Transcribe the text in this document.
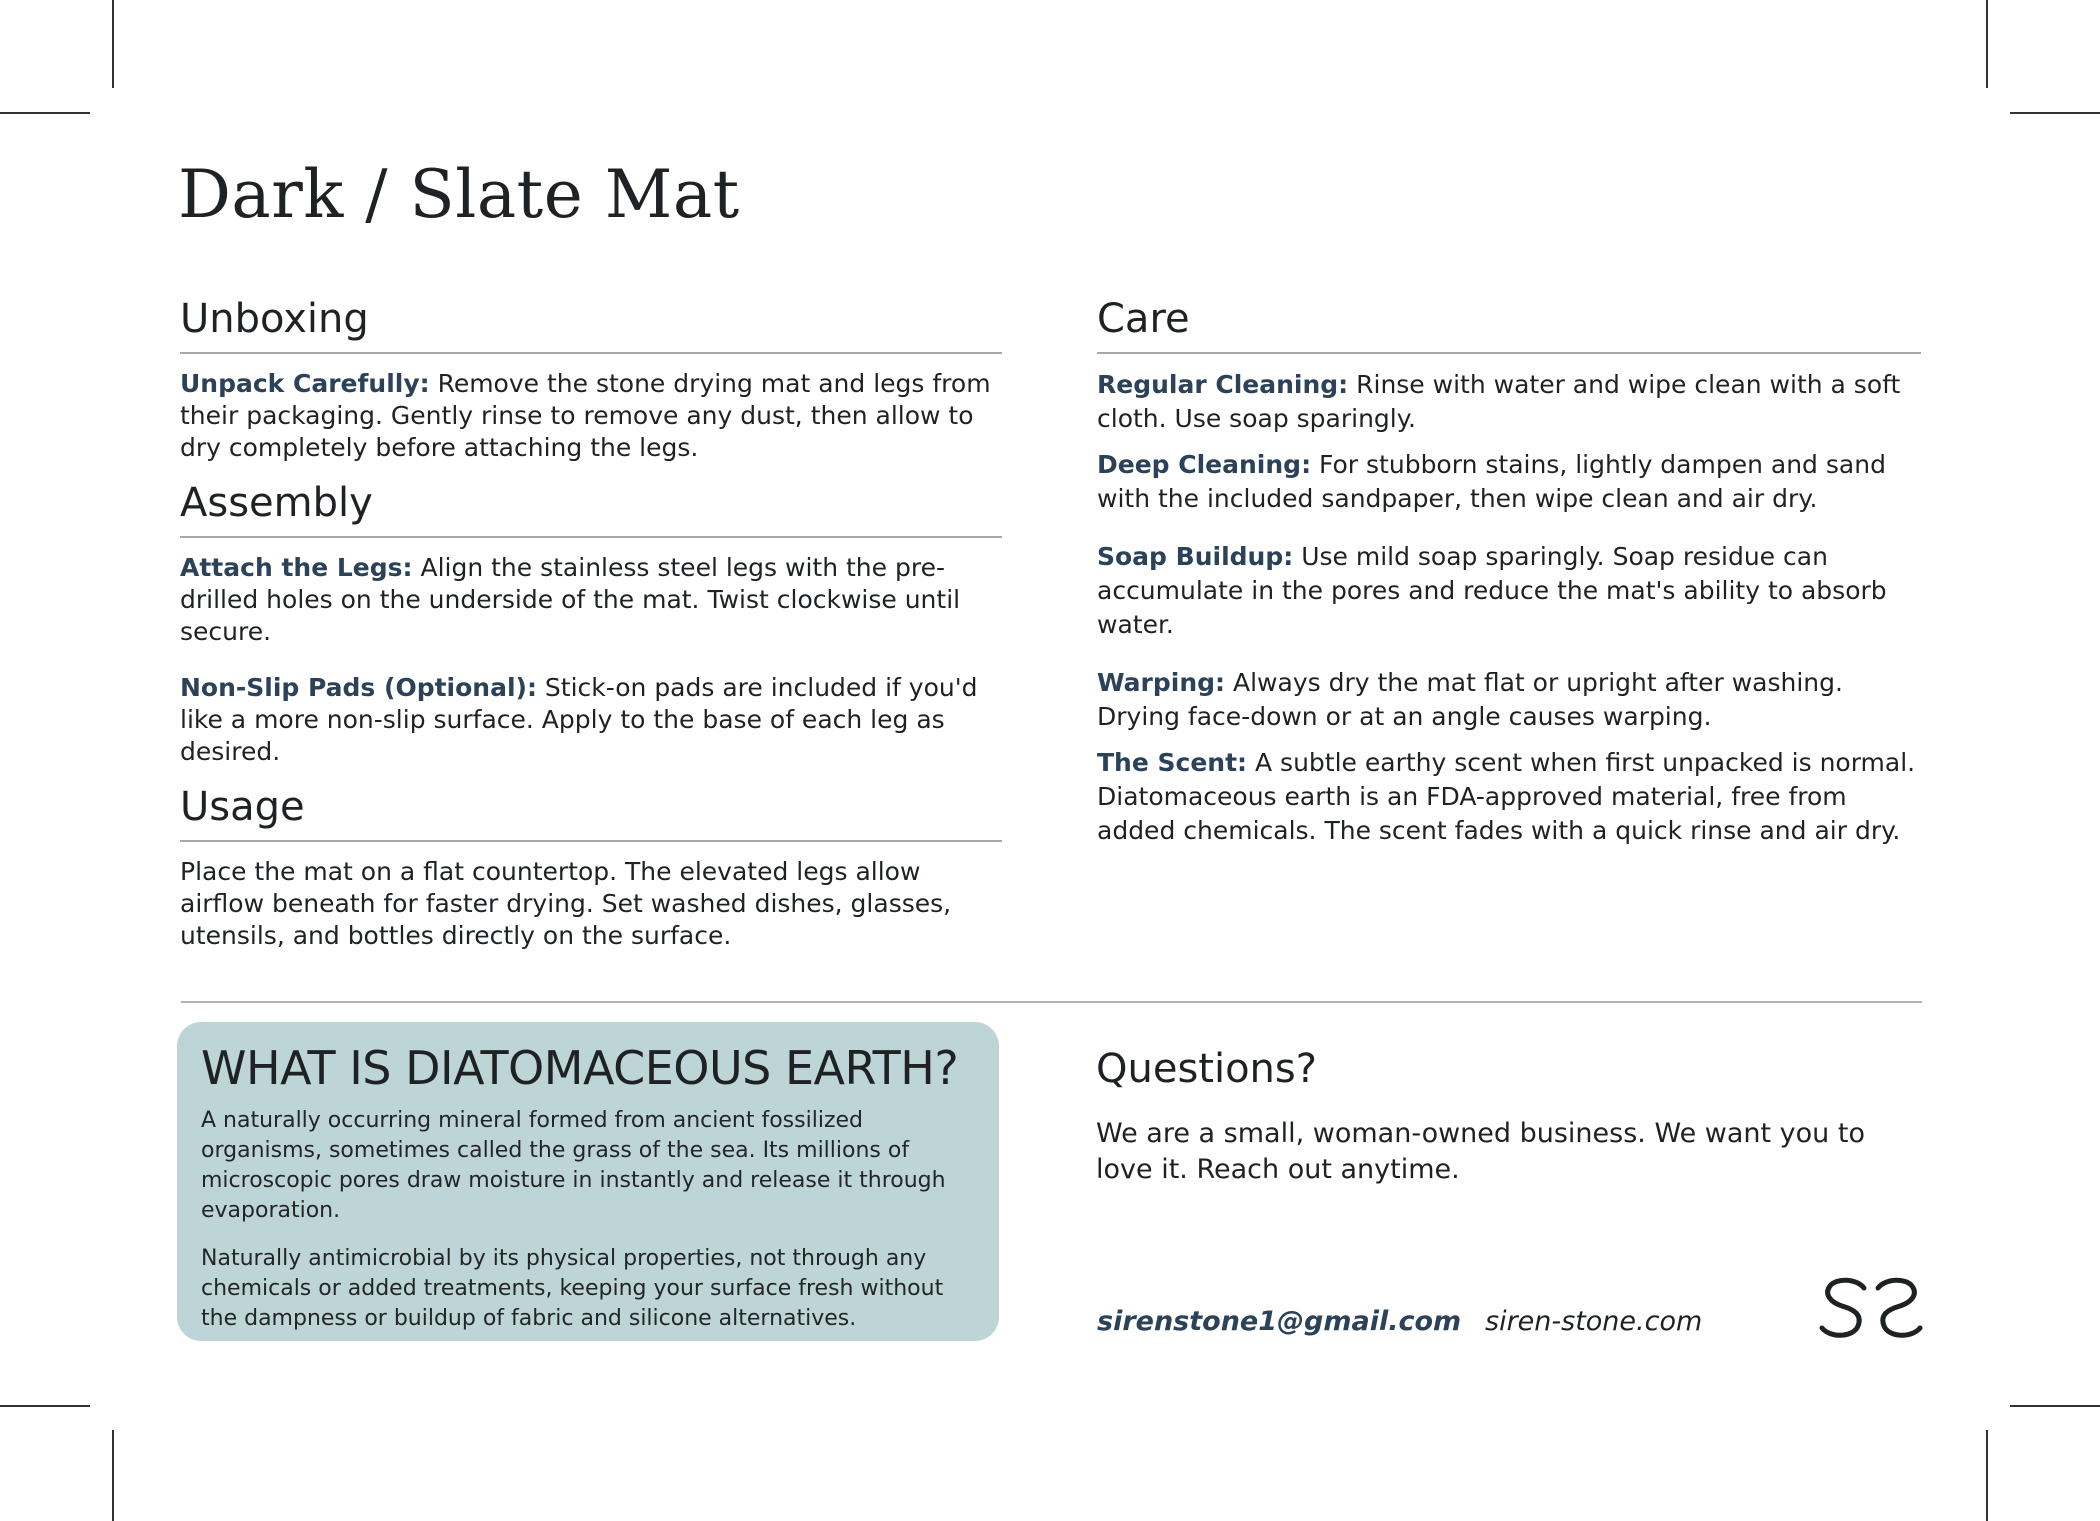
Dark / Slate Mat
Unboxing

Unpack Carefully: Remove the stone drying mat and legs from their packaging. Gently rinse to remove any dust, then allow to dry completely before attaching the legs.

Assembly

Attach the Legs: Align the stainless steel legs with the pre-drilled holes on the underside of the mat. Twist clockwise until secure.

Non-Slip Pads (Optional): Stick-on pads are included if you'd like a more non-slip surface. Apply to the base of each leg as desired.

Usage

Place the mat on a flat countertop. The elevated legs allow airflow beneath for faster drying. Set washed dishes, glasses, utensils, and bottles directly on the surface.

Care

Regular Cleaning: Rinse with water and wipe clean with a soft cloth. Use soap sparingly.

Deep Cleaning: For stubborn stains, lightly dampen and sand with the included sandpaper, then wipe clean and air dry.

Soap Buildup: Use mild soap sparingly. Soap residue can accumulate in the pores and reduce the mat's ability to absorb water.

Warping: Always dry the mat flat or upright after washing. Drying face-down or at an angle causes warping.

The Scent: A subtle earthy scent when first unpacked is normal. Diatomaceous earth is an FDA-approved material, free from added chemicals. The scent fades with a quick rinse and air dry.

WHAT IS DIATOMACEOUS EARTH?

A naturally occurring mineral formed from ancient fossilized organisms, sometimes called the grass of the sea. Its millions of microscopic pores draw moisture in instantly and release it through evaporation.

Naturally antimicrobial by its physical properties, not through any chemicals or added treatments, keeping your surface fresh without the dampness or buildup of fabric and silicone alternatives.

Questions?

We are a small, woman-owned business. We want you to love it. Reach out anytime.

sirenstone1@gmail.com siren-stone.com
